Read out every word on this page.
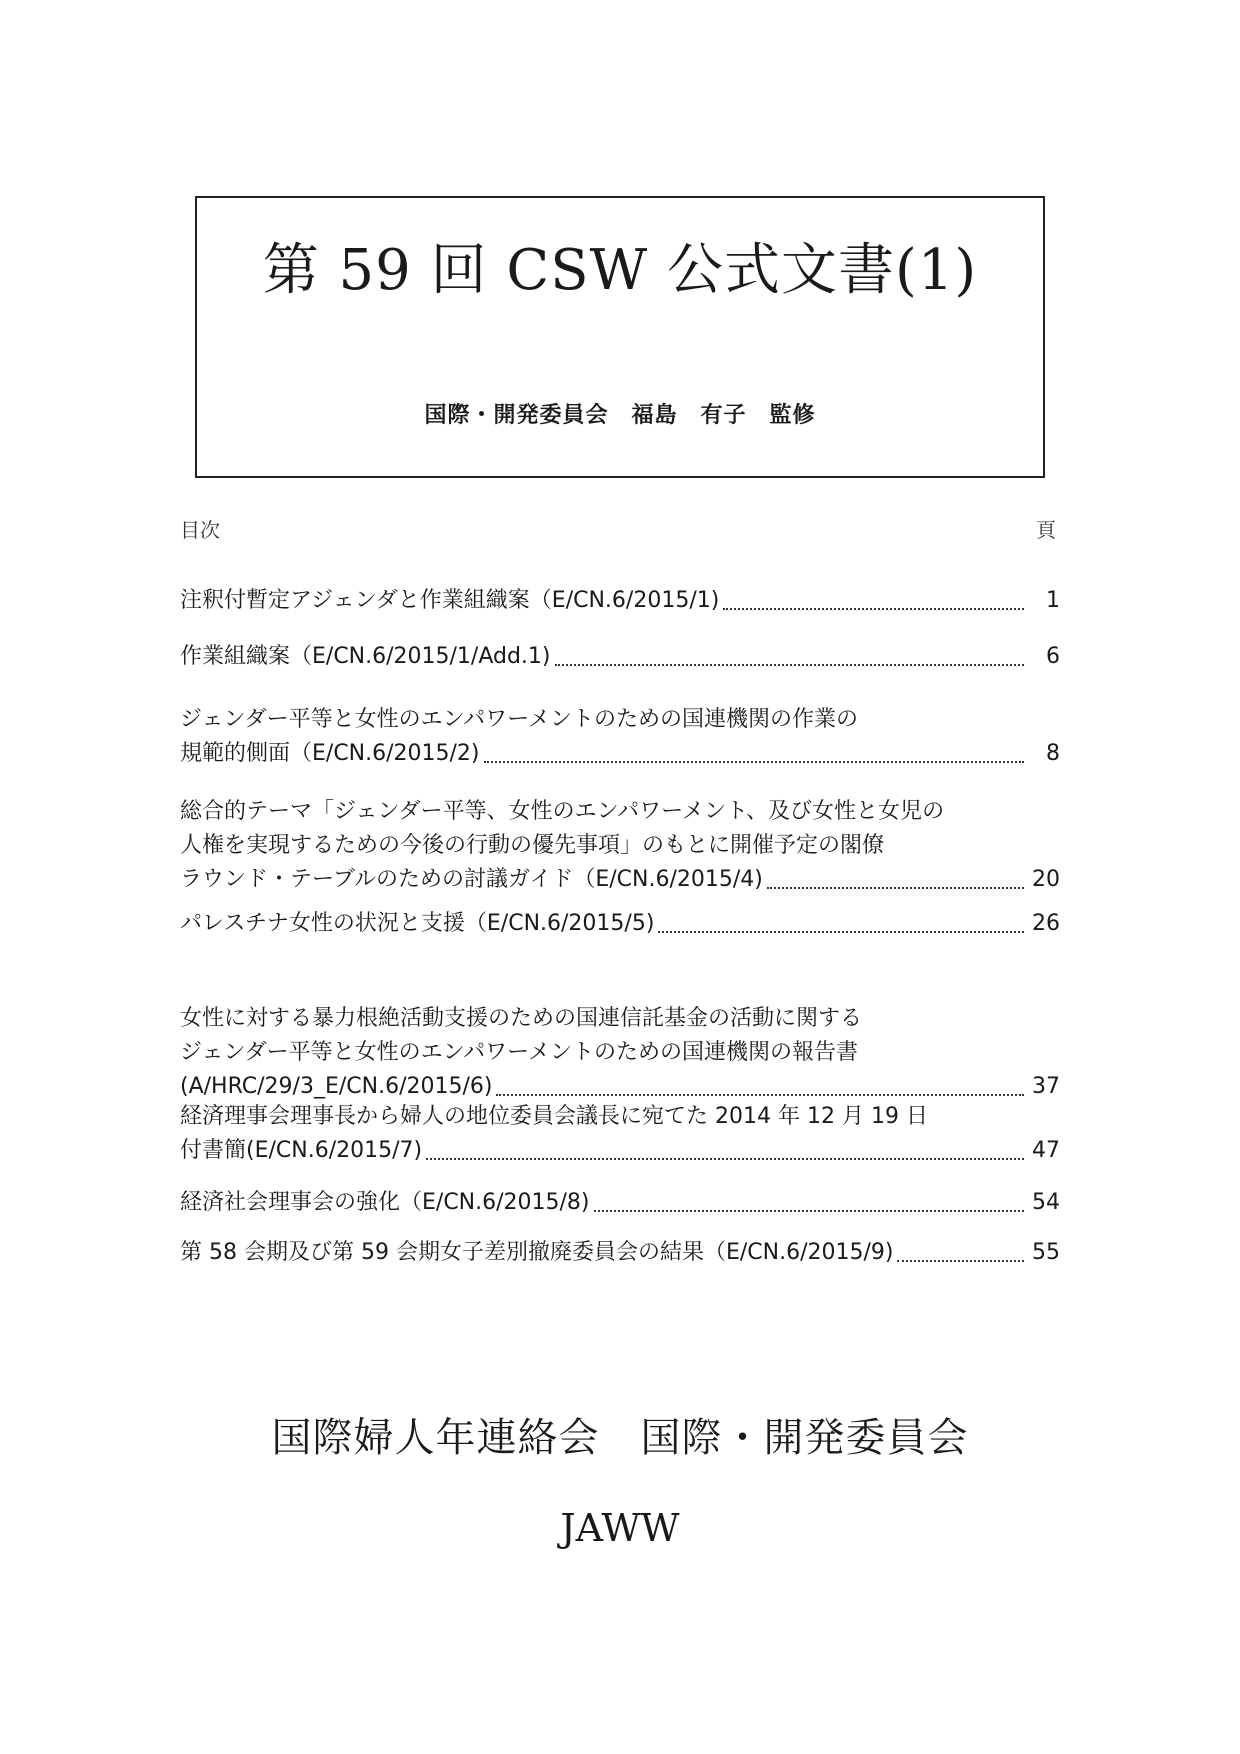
第 59 回 CSW 公式文書(1)
国際・開発委員会　福島　有子　監修
目次	頁
注釈付暫定アジェンダと作業組織案（E/CN.6/2015/1)	1
作業組織案（E/CN.6/2015/1/Add.1)	6
ジェンダー平等と女性のエンパワーメントのための国連機関の作業の
規範的側面（E/CN.6/2015/2)	8
総合的テーマ「ジェンダー平等、女性のエンパワーメント、及び女性と女児の
人権を実現するための今後の行動の優先事項」のもとに開催予定の閣僚
ラウンド・テーブルのための討議ガイド（E/CN.6/2015/4)	20
パレスチナ女性の状況と支援（E/CN.6/2015/5)	26
女性に対する暴力根絶活動支援のための国連信託基金の活動に関する
ジェンダー平等と女性のエンパワーメントのための国連機関の報告書
(A/HRC/29/3_E/CN.6/2015/6)	37
経済理事会理事長から婦人の地位委員会議長に宛てた 2014 年 12 月 19 日
付書簡(E/CN.6/2015/7)	47
経済社会理事会の強化（E/CN.6/2015/8)	54
第 58 会期及び第 59 会期女子差別撤廃委員会の結果（E/CN.6/2015/9)	55
国際婦人年連絡会　国際・開発委員会
JAWW
